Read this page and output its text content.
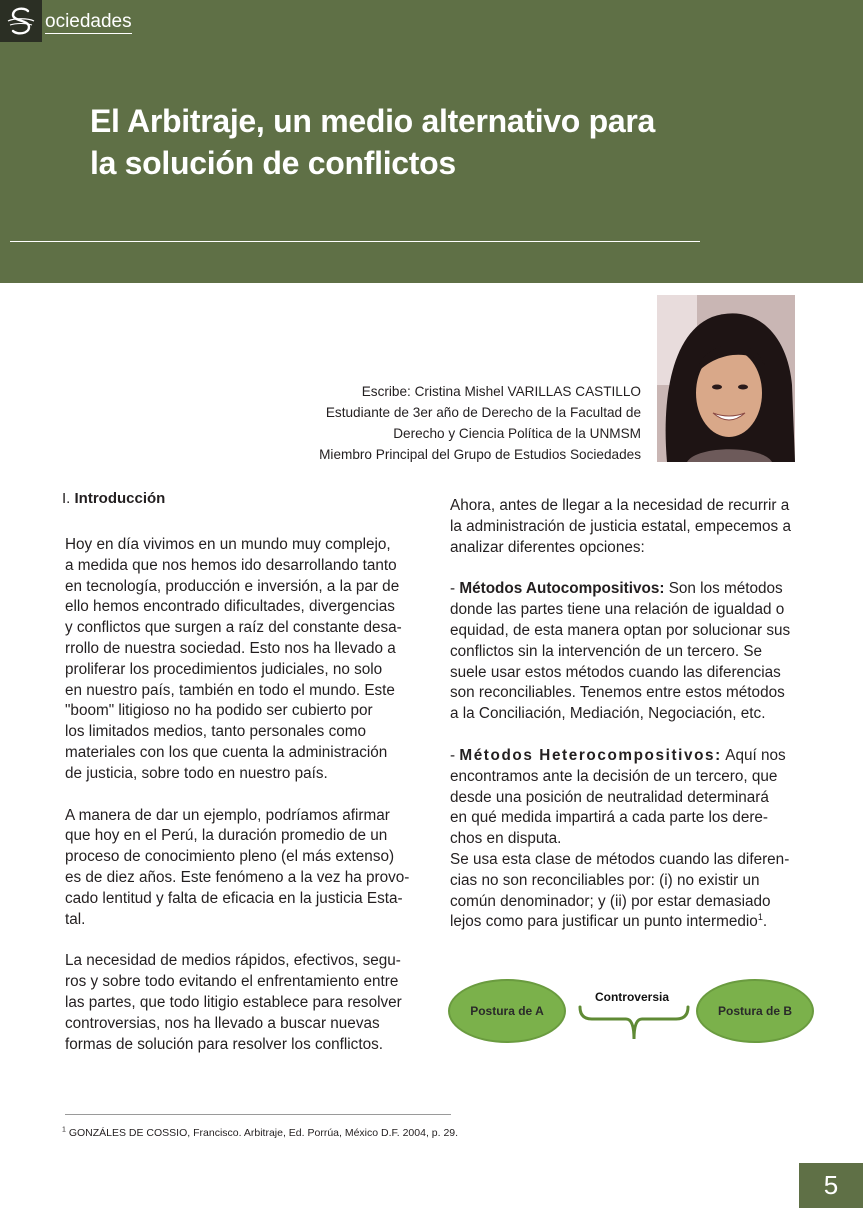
ociedades
El Arbitraje, un medio alternativo para
la solución de conflictos
Escribe: Cristina Mishel VARILLAS CASTILLO
Estudiante de 3er año de Derecho de la Facultad de
Derecho y Ciencia Política de la UNMSM
Miembro Principal del Grupo de Estudios Sociedades
I. Introducción

Hoy en día vivimos en un mundo muy complejo,
a medida que nos hemos ido desarrollando tanto
en tecnología, producción e inversión, a la par de
ello hemos encontrado dificultades, divergencias
y conflictos que surgen a raíz del constante desa-
rrollo de nuestra sociedad. Esto nos ha llevado a
proliferar los procedimientos judiciales, no solo
en nuestro país, también en todo el mundo. Este
"boom" litigioso no ha podido ser cubierto por
los limitados medios, tanto personales como
materiales con los que cuenta la administración
de justicia, sobre todo en nuestro país.

A manera de dar un ejemplo, podríamos afirmar
que hoy en el Perú, la duración promedio de un
proceso de conocimiento pleno (el más extenso)
es de diez años. Este fenómeno a la vez ha provo-
cado lentitud y falta de eficacia en la justicia Esta-
tal.

La necesidad de medios rápidos, efectivos, segu-
ros y sobre todo evitando el enfrentamiento entre
las partes, que todo litigio establece para resolver
controversias, nos ha llevado a buscar nuevas
formas de solución para resolver los conflictos.

Ahora, antes de llegar a la necesidad de recurrir a
la administración de justicia estatal, empecemos a
analizar diferentes opciones:

- Métodos Autocompositivos: Son los métodos
donde las partes tiene una relación de igualdad o
equidad, de esta manera optan por solucionar sus
conflictos sin la intervención de un tercero. Se
suele usar estos métodos cuando las diferencias
son reconciliables. Tenemos entre estos métodos
a la Conciliación, Mediación, Negociación, etc.

- Métodos Heterocompositivos: Aquí nos
encontramos ante la decisión de un tercero, que
desde una posición de neutralidad determinará
en qué medida impartirá a cada parte los dere-
chos en disputa.
Se usa esta clase de métodos cuando las diferen-
cias no son reconciliables por: (i) no existir un
común denominador; y (ii) por estar demasiado
lejos como para justificar un punto intermedio$^1$.

Postura de A
Controversia
Postura de B
$^1$ GONZÁLES DE COSSIO, Francisco. Arbitraje, Ed. Porrúa, México D.F. 2004, p. 29.
5
